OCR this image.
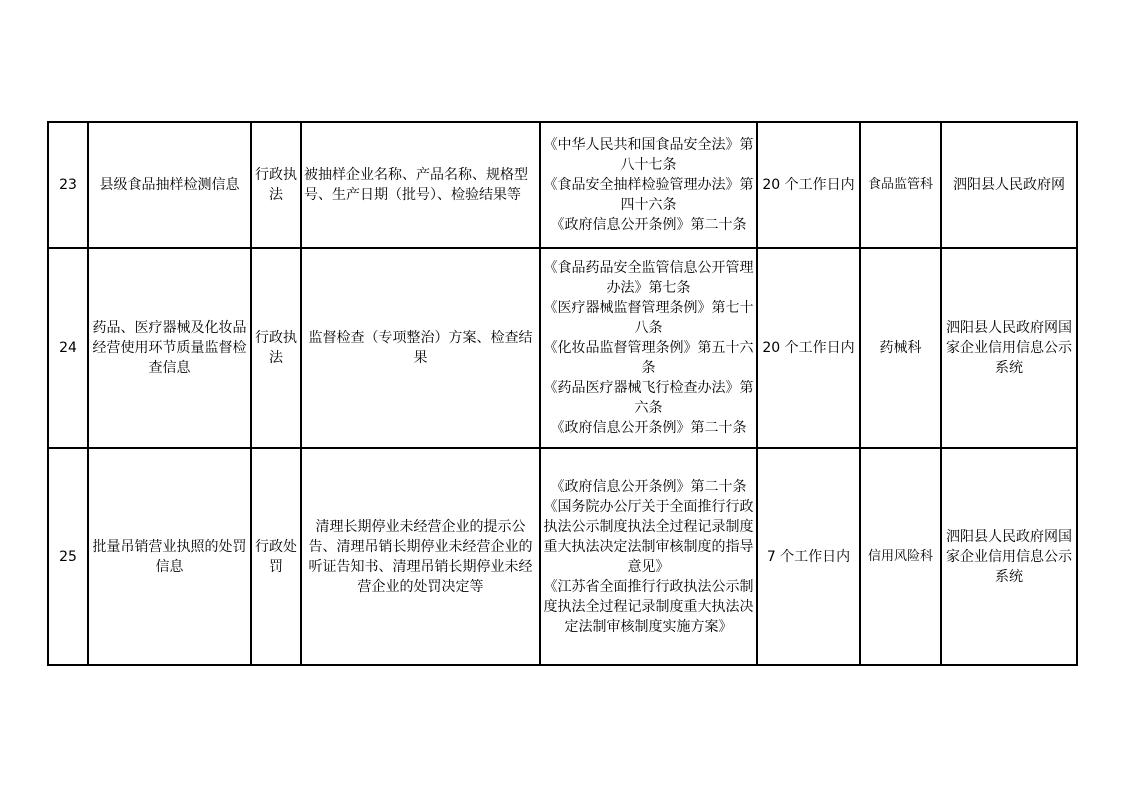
23	县级食品抽样检测信息	行政执法	被抽样企业名称、产品名称、规格型号、生产日期（批号）、检验结果等	《中华人民共和国食品安全法》第八十七条
《食品安全抽样检验管理办法》第四十六条
《政府信息公开条例》第二十条	20 个工作日内	食品监管科	泗阳县人民政府网
24	药品、医疗器械及化妆品经营使用环节质量监督检查信息	行政执法	监督检查（专项整治）方案、检查结果	《食品药品安全监管信息公开管理办法》第七条
《医疗器械监督管理条例》第七十八条
《化妆品监督管理条例》第五十六条
《药品医疗器械飞行检查办法》第六条
《政府信息公开条例》第二十条	20 个工作日内	药械科	泗阳县人民政府网国家企业信用信息公示系统
25	批量吊销营业执照的处罚信息	行政处罚	清理长期停业未经营企业的提示公告、清理吊销长期停业未经营企业的听证告知书、清理吊销长期停业未经营企业的处罚决定等	《政府信息公开条例》第二十条
《国务院办公厅关于全面推行行政执法公示制度执法全过程记录制度重大执法决定法制审核制度的指导意见》
《江苏省全面推行行政执法公示制度执法全过程记录制度重大执法决定法制审核制度实施方案》	7 个工作日内	信用风险科	泗阳县人民政府网国家企业信用信息公示系统
